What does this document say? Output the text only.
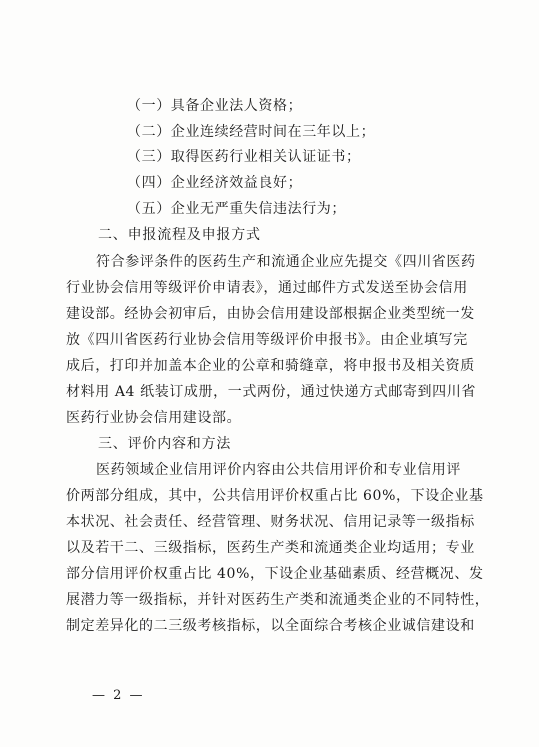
（一）具备企业法人资格；
（二）企业连续经营时间在三年以上；
（三）取得医药行业相关认证证书；
（四）企业经济效益良好；
（五）企业无严重失信违法行为；
二、申报流程及申报方式
符合参评条件的医药生产和流通企业应先提交《四川省医药
行业协会信用等级评价申请表》，通过邮件方式发送至协会信用
建设部。经协会初审后，由协会信用建设部根据企业类型统一发
放《四川省医药行业协会信用等级评价申报书》。由企业填写完
成后，打印并加盖本企业的公章和骑缝章，将申报书及相关资质
材料用 A4 纸装订成册，一式两份，通过快递方式邮寄到四川省
医药行业协会信用建设部。
三、评价内容和方法
医药领域企业信用评价内容由公共信用评价和专业信用评
价两部分组成，其中，公共信用评价权重占比 60%，下设企业基
本状况、社会责任、经营管理、财务状况、信用记录等一级指标
以及若干二、三级指标，医药生产类和流通类企业均适用；专业
部分信用评价权重占比 40%，下设企业基础素质、经营概况、发
展潜力等一级指标，并针对医药生产类和流通类企业的不同特性，
制定差异化的二三级考核指标，以全面综合考核企业诚信建设和
— 2 —
